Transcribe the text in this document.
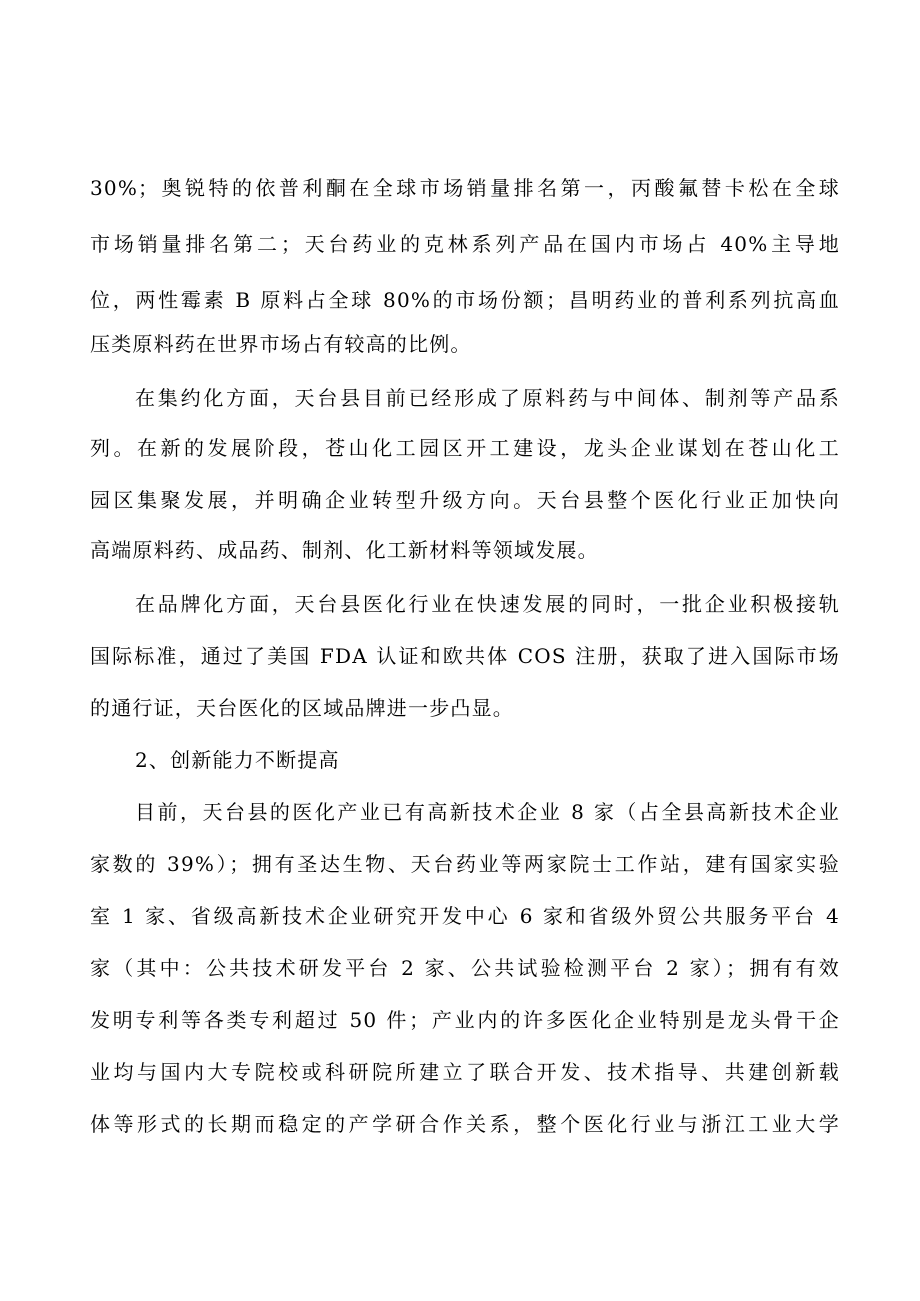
30%；奥锐特的依普利酮在全球市场销量排名第一，丙酸氟替卡松在全球
市场销量排名第二；天台药业的克林系列产品在国内市场占 40%主导地
位，两性霉素 B 原料占全球 80%的市场份额；昌明药业的普利系列抗高血
压类原料药在世界市场占有较高的比例。
在集约化方面，天台县目前已经形成了原料药与中间体、制剂等产品系
列。在新的发展阶段，苍山化工园区开工建设，龙头企业谋划在苍山化工
园区集聚发展，并明确企业转型升级方向。天台县整个医化行业正加快向
高端原料药、成品药、制剂、化工新材料等领域发展。
在品牌化方面，天台县医化行业在快速发展的同时，一批企业积极接轨
国际标准，通过了美国 FDA 认证和欧共体 COS 注册，获取了进入国际市场
的通行证，天台医化的区域品牌进一步凸显。
2、创新能力不断提高
目前，天台县的医化产业已有高新技术企业 8 家（占全县高新技术企业
家数的 39%）；拥有圣达生物、天台药业等两家院士工作站，建有国家实验
室 1 家、省级高新技术企业研究开发中心 6 家和省级外贸公共服务平台 4
家（其中：公共技术研发平台 2 家、公共试验检测平台 2 家）；拥有有效
发明专利等各类专利超过 50 件；产业内的许多医化企业特别是龙头骨干企
业均与国内大专院校或科研院所建立了联合开发、技术指导、共建创新载
体等形式的长期而稳定的产学研合作关系，整个医化行业与浙江工业大学
